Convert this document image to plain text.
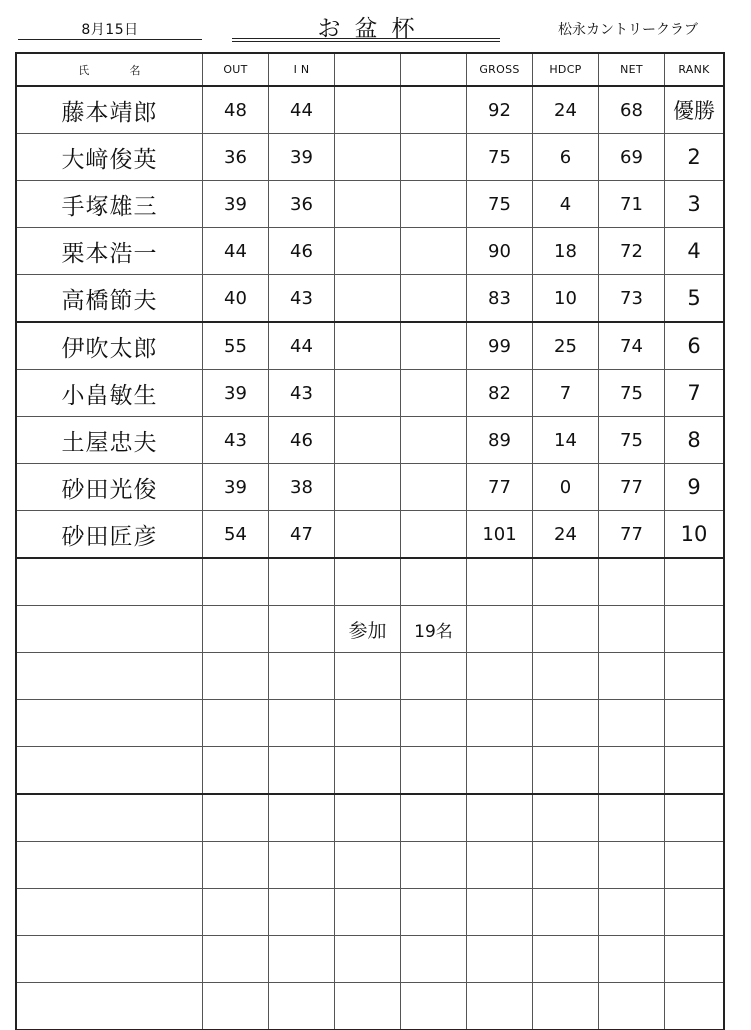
8月15日	お盆杯	松永カントリークラブ
氏 名	OUT	I N			GROSS	HDCP	NET	RANK
藤本靖郎	48	44			92	24	68	優勝
大﨑俊英	36	39			75	6	69	2
手塚雄三	39	36			75	4	71	3
栗本浩一	44	46			90	18	72	4
高橋節夫	40	43			83	10	73	5
伊吹太郎	55	44			99	25	74	6
小畠敏生	39	43			82	7	75	7
土屋忠夫	43	46			89	14	75	8
砂田光俊	39	38			77	0	77	9
砂田匠彦	54	47			101	24	77	10

			参加	19名				
